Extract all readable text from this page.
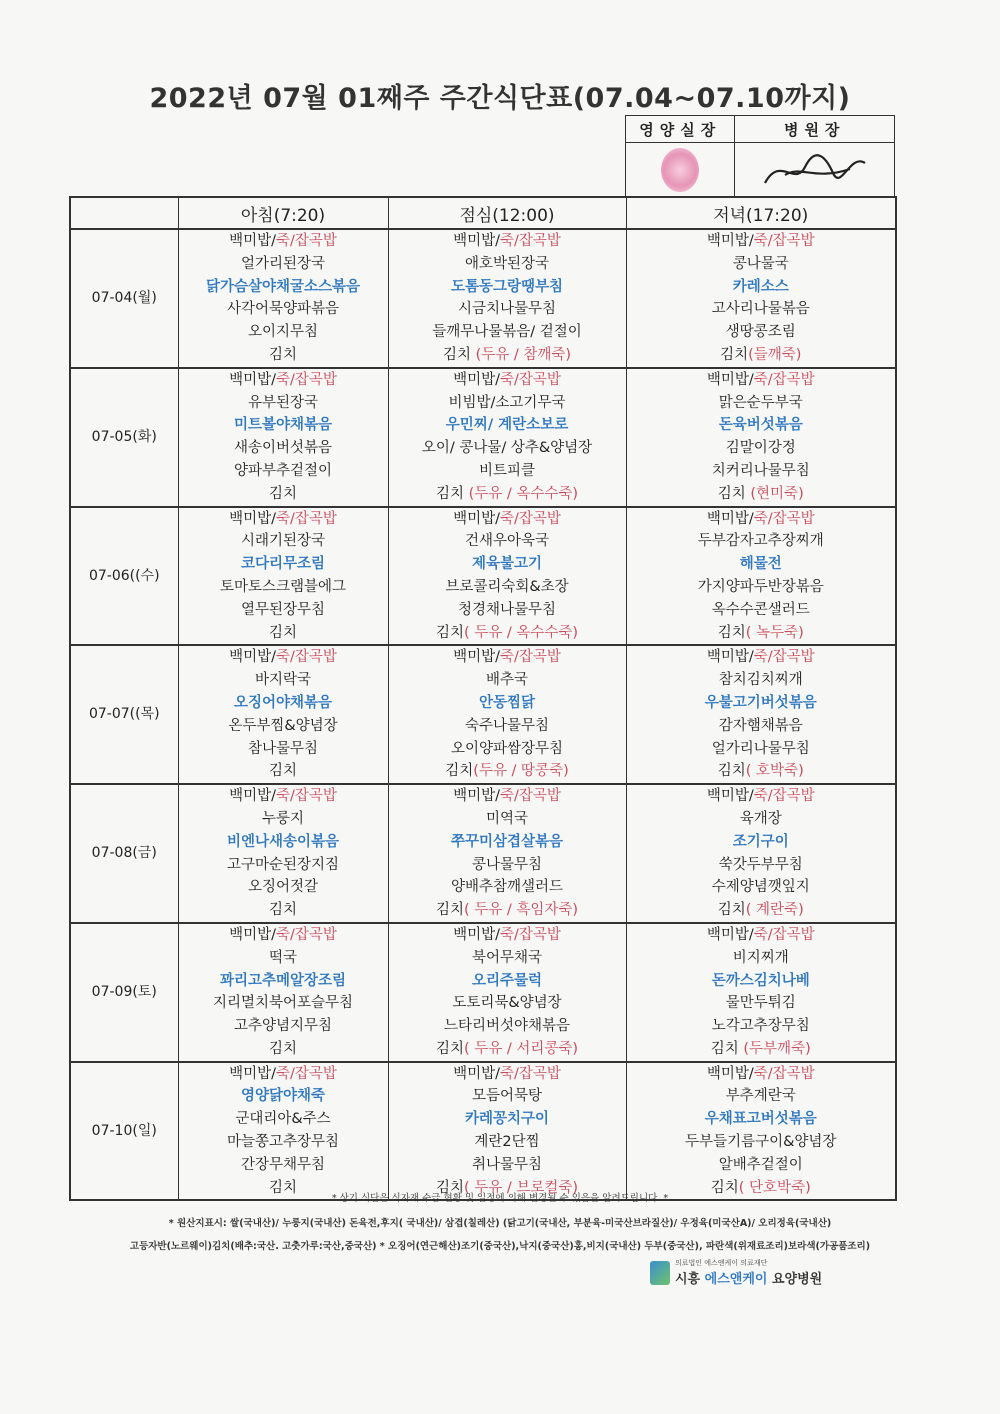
2022년 07월 01째주 주간식단표(07.04~07.10까지)
영양실장	병원장

	아침(7:20)	점심(12:00)	저녁(17:20)
07-04(월)	백미밥/죽/잡곡밥	백미밥/죽/잡곡밥	백미밥/죽/잡곡밥
	얼가리된장국	애호박된장국	콩나물국
	닭가슴살야채굴소스볶음	도톰동그랑땡부침	카레소스
	사각어묵양파볶음	시금치나물무침	고사리나물볶음
	오이지무침	들깨무나물볶음/ 겉절이	생땅콩조림
	김치	김치 (두유 / 참깨죽)	김치(들깨죽)
07-05(화)	백미밥/죽/잡곡밥	백미밥/죽/잡곡밥	백미밥/죽/잡곡밥
	유부된장국	비빔밥/소고기무국	맑은순두부국
	미트볼야채볶음	우민찌/ 계란소보로	돈육버섯볶음
	새송이버섯볶음	오이/ 콩나물/ 상추&양념장	김말이강정
	양파부추겉절이	비트피클	치커리나물무침
	김치	김치 (두유 / 옥수수죽)	김치 (현미죽)
07-06((수)	백미밥/죽/잡곡밥	백미밥/죽/잡곡밥	백미밥/죽/잡곡밥
	시래기된장국	건새우아욱국	두부감자고추장찌개
	코다리무조림	제육불고기	해물전
	토마토스크램블에그	브로콜리숙회&초장	가지양파두반장볶음
	열무된장무침	청경채나물무침	옥수수콘샐러드
	김치	김치( 두유 / 옥수수죽)	김치( 녹두죽)
07-07((목)	백미밥/죽/잡곡밥	백미밥/죽/잡곡밥	백미밥/죽/잡곡밥
	바지락국	배추국	참치김치찌개
	오징어야채볶음	안동찜닭	우불고기버섯볶음
	온두부찜&양념장	숙주나물무침	감자햄채볶음
	참나물무침	오이양파쌈장무침	얼가리나물무침
	김치	김치(두유 / 땅콩죽)	김치( 호박죽)
07-08(금)	백미밥/죽/잡곡밥	백미밥/죽/잡곡밥	백미밥/죽/잡곡밥
	누룽지	미역국	육개장
	비엔나새송이볶음	쭈꾸미삼겹살볶음	조기구이
	고구마순된장지짐	콩나물무침	쑥갓두부무침
	오징어젓갈	양배추참깨샐러드	수제양념깻잎지
	김치	김치( 두유 / 흑임자죽)	김치( 계란죽)
07-09(토)	백미밥/죽/잡곡밥	백미밥/죽/잡곡밥	백미밥/죽/잡곡밥
	떡국	북어무채국	비지찌개
	꽈리고추메알장조림	오리주물럭	돈까스김치나베
	지리멸치북어포슬무침	도토리묵&양념장	물만두튀김
	고추양념지무침	느타리버섯야채볶음	노각고추장무침
	김치	김치( 두유 / 서리콩죽)	김치 (두부깨죽)
07-10(일)	백미밥/죽/잡곡밥	백미밥/죽/잡곡밥	백미밥/죽/잡곡밥
	영양닭야채죽	모듬어묵탕	부추계란국
	군대리아&주스	카레꽁치구이	우채표고버섯볶음
	마늘쫑고추장무침	계란2단찜	두부들기름구이&양념장
	간장무채무침	취나물무침	알배추겉절이
	김치	김치( 두유 / 브로컬죽)	김치( 단호박죽)
* 상기 식단은 식자재 수급 현황 및 일정에 의해 변경될 수 있음을 알려드립니다. *
* 원산지표시: 쌀(국내산)/ 누룽지(국내산) 돈육전,후지( 국내산)/ 삼겹(칠레산) (닭고기(국내산, 부분육-미국산브라질산)/ 우정육(미국산A)/ 오리정육(국내산)
고등자반(노르웨이)김치(배추:국산. 고춧가루:국산,중국산) * 오징어(연근해산)조기(중국산),낙지(중국산)홍,비지(국내산) 두부(중국산), 파란색(위재료조리)보라색(가공품조리)
의료법인 에스앤케이 의료재단
시흥 에스앤케이 요양병원
